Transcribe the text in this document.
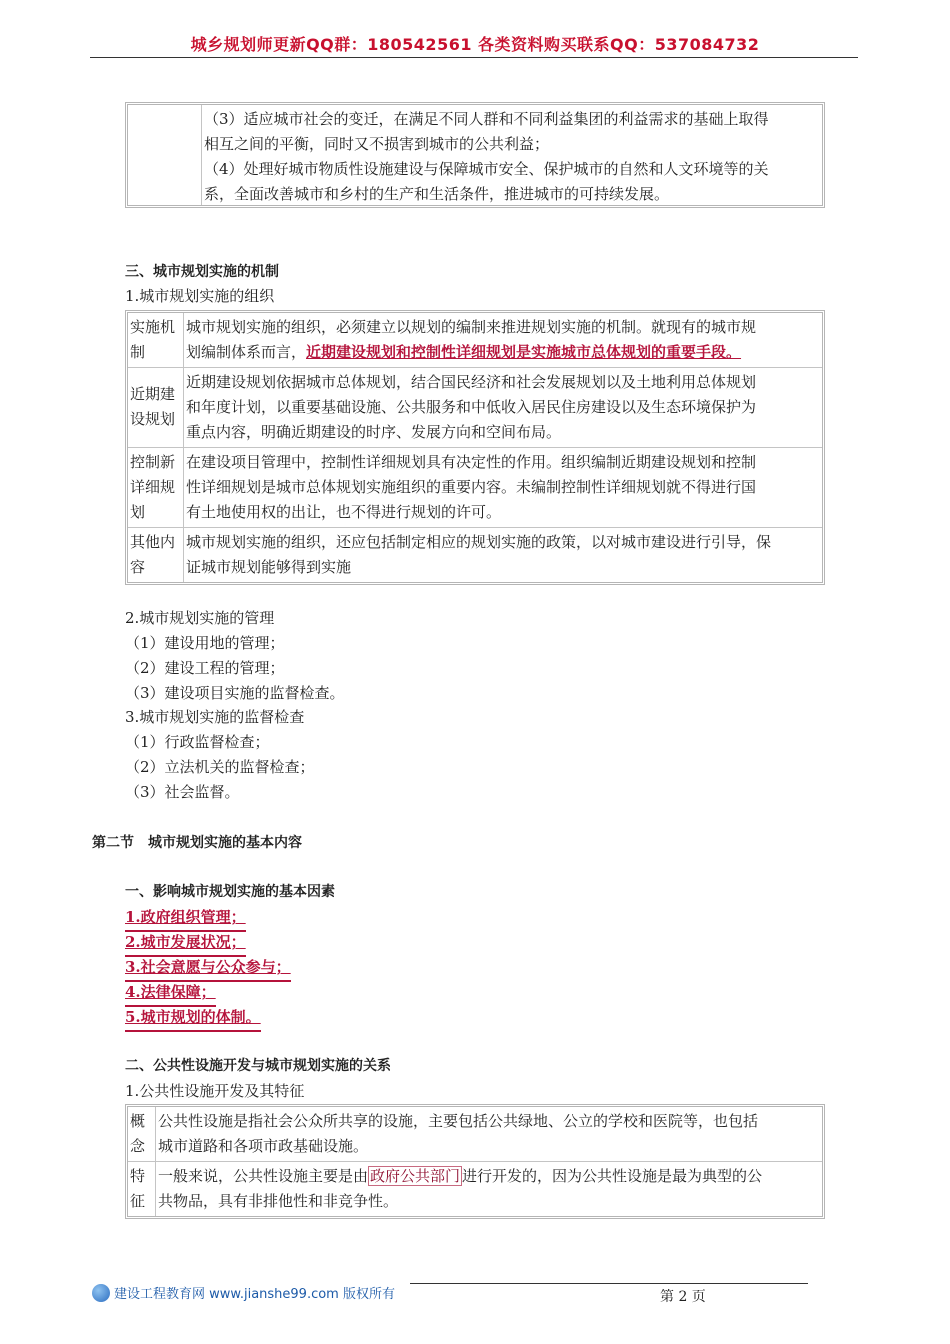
城乡规划师更新QQ群：180542561 各类资料购买联系QQ：537084732
（3）适应城市社会的变迁，在满足不同人群和不同利益集团的利益需求的基础上取得
相互之间的平衡，同时又不损害到城市的公共利益；
（4）处理好城市物质性设施建设与保障城市安全、保护城市的自然和人文环境等的关
系，全面改善城市和乡村的生产和生活条件，推进城市的可持续发展。
三、城市规划实施的机制
1.城市规划实施的组织
实施机
制
城市规划实施的组织，必须建立以规划的编制来推进规划实施的机制。就现有的城市规
划编制体系而言，近期建设规划和控制性详细规划是实施城市总体规划的重要手段。
近期建
设规划
近期建设规划依据城市总体规划，结合国民经济和社会发展规划以及土地利用总体规划
和年度计划，以重要基础设施、公共服务和中低收入居民住房建设以及生态环境保护为
重点内容，明确近期建设的时序、发展方向和空间布局。
控制新
详细规
划
在建设项目管理中，控制性详细规划具有决定性的作用。组织编制近期建设规划和控制
性详细规划是城市总体规划实施组织的重要内容。未编制控制性详细规划就不得进行国
有土地使用权的出让，也不得进行规划的许可。
其他内
容
城市规划实施的组织，还应包括制定相应的规划实施的政策，以对城市建设进行引导，保
证城市规划能够得到实施
2.城市规划实施的管理
（1）建设用地的管理；
（2）建设工程的管理；
（3）建设项目实施的监督检查。
3.城市规划实施的监督检查
（1）行政监督检查；
（2）立法机关的监督检查；
（3）社会监督。
第二节　城市规划实施的基本内容
一、影响城市规划实施的基本因素
1.政府组织管理；
2.城市发展状况；
3.社会意愿与公众参与；
4.法律保障；
5.城市规划的体制。
二、公共性设施开发与城市规划实施的关系
1.公共性设施开发及其特征
概
念
公共性设施是指社会公众所共享的设施，主要包括公共绿地、公立的学校和医院等，也包括
城市道路和各项市政基础设施。
特
征
一般来说，公共性设施主要是由 政府公共部门 进行开发的，因为公共性设施是最为典型的公
共物品，具有非排他性和非竞争性。
建设工程教育网 www.jianshe99.com 版权所有	第 2 页
